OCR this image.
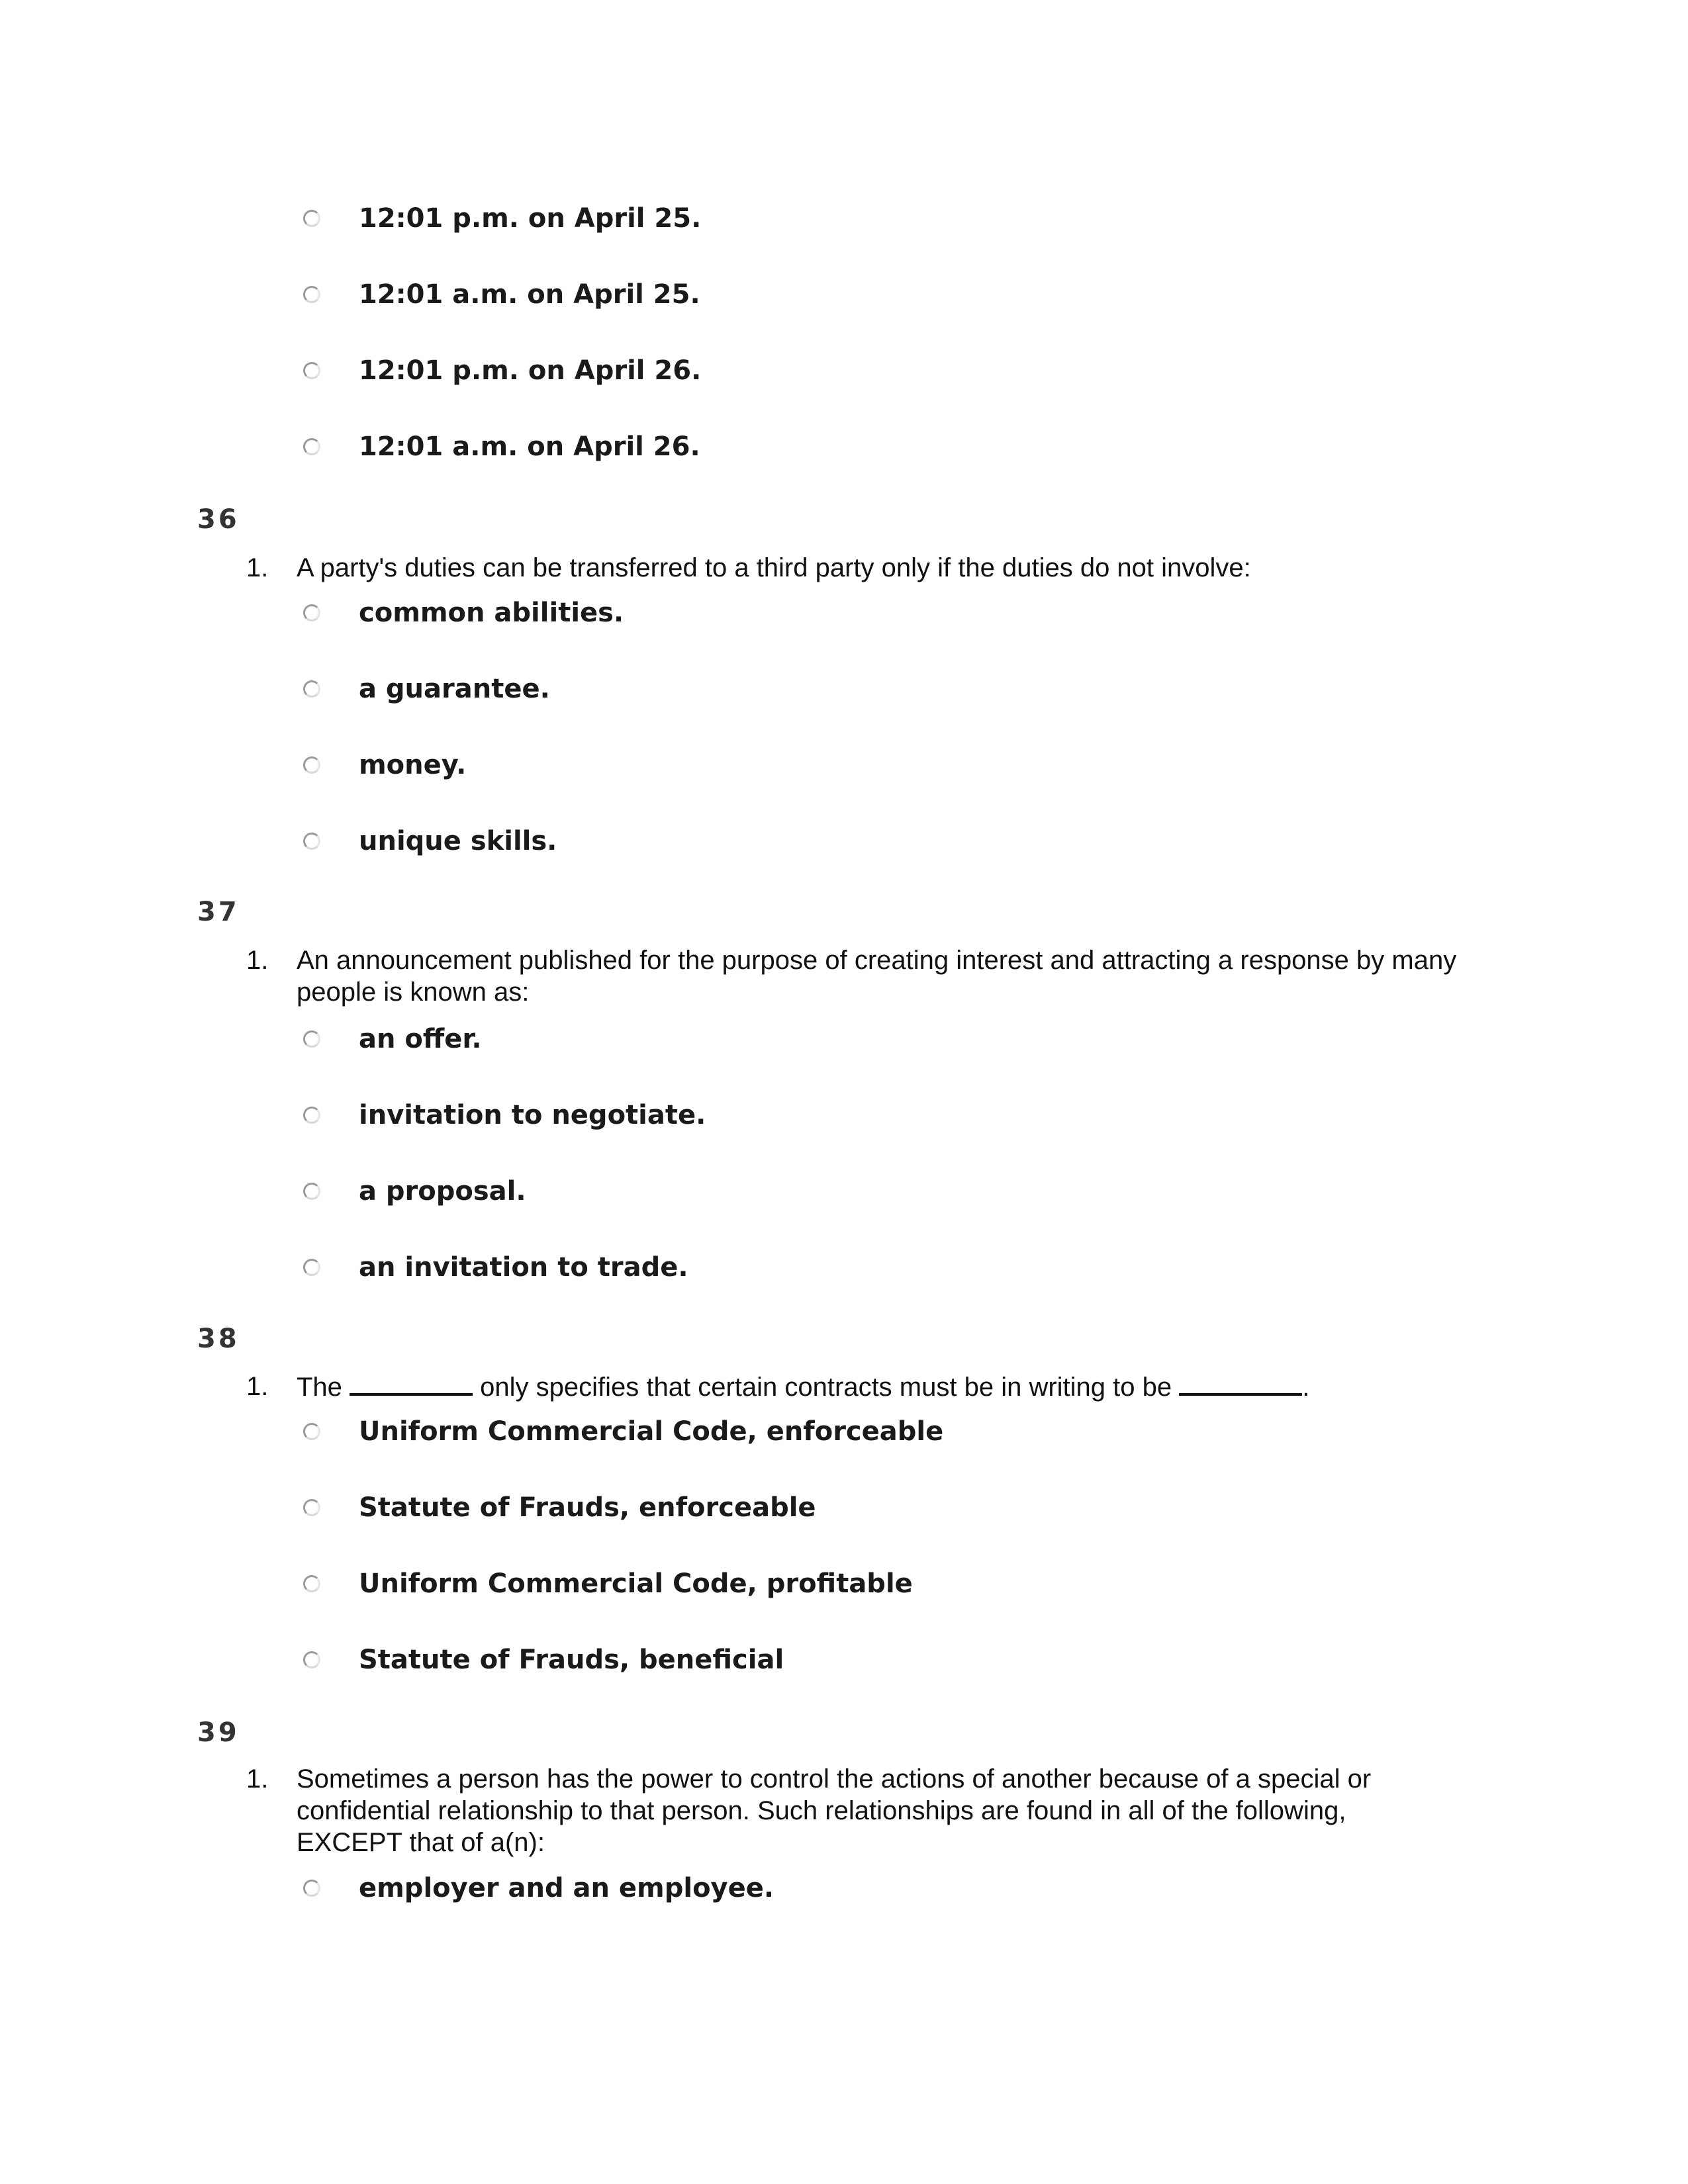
12:01 p.m. on April 25.
12:01 a.m. on April 25.
12:01 p.m. on April 26.
12:01 a.m. on April 26.
36
1.	A party's duties can be transferred to a third party only if the duties do not involve:
common abilities.
a guarantee.
money.
unique skills.
37
1.	An announcement published for the purpose of creating interest and attracting a response by many people is known as:
an offer.
invitation to negotiate.
a proposal.
an invitation to trade.
38
1.	The	only specifies that certain contracts must be in writing to be	.
Uniform Commercial Code, enforceable
Statute of Frauds, enforceable
Uniform Commercial Code, profitable
Statute of Frauds, beneficial
39
1.	Sometimes a person has the power to control the actions of another because of a special or confidential relationship to that person. Such relationships are found in all of the following, EXCEPT that of a(n):
employer and an employee.
